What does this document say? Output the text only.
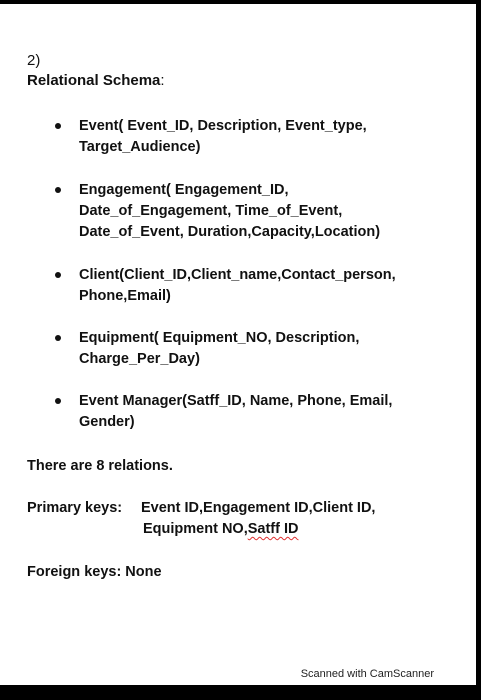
2)
Relational Schema:
Event( Event_ID, Description, Event_type,
Target_Audience)
Engagement( Engagement_ID,
Date_of_Engagement, Time_of_Event,
Date_of_Event, Duration,Capacity,Location)
Client(Client_ID,Client_name,Contact_person,
Phone,Email)
Equipment( Equipment_NO, Description,
Charge_Per_Day)
Event Manager(Satff_ID, Name, Phone, Email,
Gender)
There are 8 relations.
Primary keys: Event ID,Engagement ID,Client ID,
Equipment NO,Satff ID
Foreign keys: None
Scanned with CamScanner
